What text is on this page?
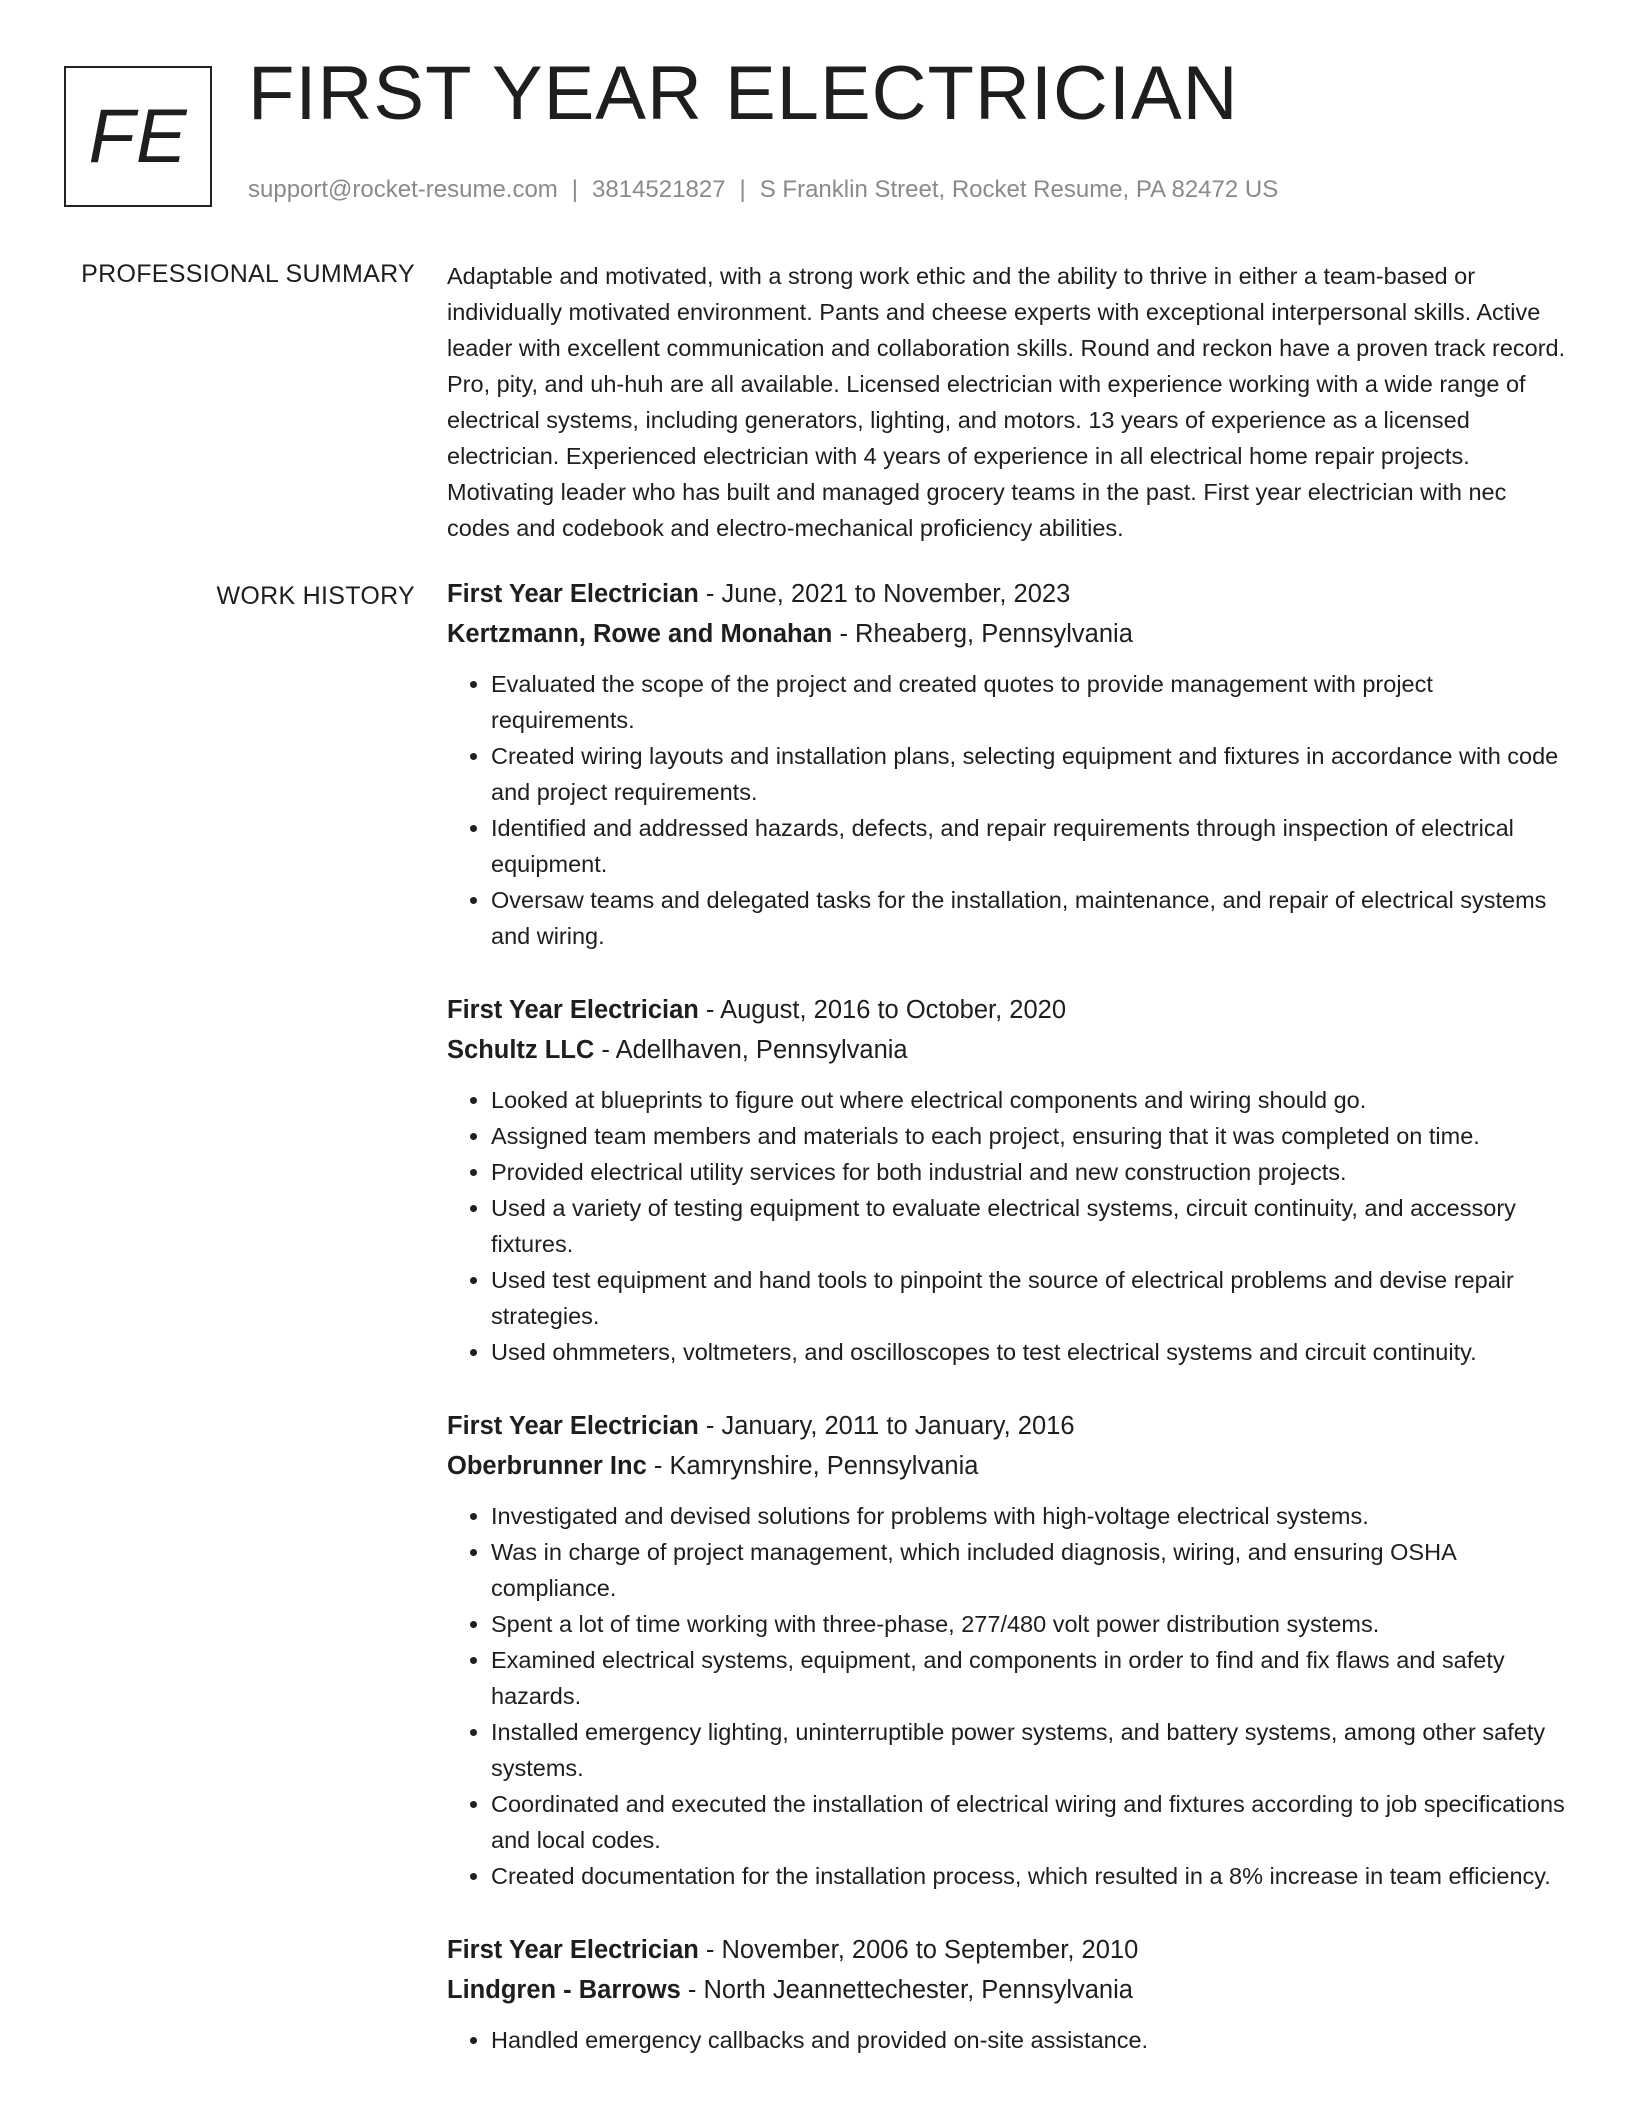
FE
FIRST YEAR ELECTRICIAN
support@rocket-resume.com | 3814521827 | S Franklin Street, Rocket Resume, PA 82472 US
PROFESSIONAL SUMMARY Adaptable and motivated, with a strong work ethic and the ability to thrive in either a team-based or individually motivated environment. Pants and cheese experts with exceptional interpersonal skills. Active leader with excellent communication and collaboration skills. Round and reckon have a proven track record. Pro, pity, and uh-huh are all available. Licensed electrician with experience working with a wide range of electrical systems, including generators, lighting, and motors. 13 years of experience as a licensed electrician. Experienced electrician with 4 years of experience in all electrical home repair projects. Motivating leader who has built and managed grocery teams in the past. First year electrician with nec codes and codebook and electro-mechanical proficiency abilities.

WORK HISTORY First Year Electrician - June, 2021 to November, 2023
Kertzmann, Rowe and Monahan - Rheaberg, Pennsylvania
• Evaluated the scope of the project and created quotes to provide management with project requirements.
• Created wiring layouts and installation plans, selecting equipment and fixtures in accordance with code and project requirements.
• Identified and addressed hazards, defects, and repair requirements through inspection of electrical equipment.
• Oversaw teams and delegated tasks for the installation, maintenance, and repair of electrical systems and wiring.
First Year Electrician - August, 2016 to October, 2020
Schultz LLC - Adellhaven, Pennsylvania
• Looked at blueprints to figure out where electrical components and wiring should go.
• Assigned team members and materials to each project, ensuring that it was completed on time.
• Provided electrical utility services for both industrial and new construction projects.
• Used a variety of testing equipment to evaluate electrical systems, circuit continuity, and accessory fixtures.
• Used test equipment and hand tools to pinpoint the source of electrical problems and devise repair strategies.
• Used ohmmeters, voltmeters, and oscilloscopes to test electrical systems and circuit continuity.
First Year Electrician - January, 2011 to January, 2016
Oberbrunner Inc - Kamrynshire, Pennsylvania
• Investigated and devised solutions for problems with high-voltage electrical systems.
• Was in charge of project management, which included diagnosis, wiring, and ensuring OSHA compliance.
• Spent a lot of time working with three-phase, 277/480 volt power distribution systems.
• Examined electrical systems, equipment, and components in order to find and fix flaws and safety hazards.
• Installed emergency lighting, uninterruptible power systems, and battery systems, among other safety systems.
• Coordinated and executed the installation of electrical wiring and fixtures according to job specifications and local codes.
• Created documentation for the installation process, which resulted in a 8% increase in team efficiency.
First Year Electrician - November, 2006 to September, 2010
Lindgren - Barrows - North Jeannettechester, Pennsylvania
• Handled emergency callbacks and provided on-site assistance.
